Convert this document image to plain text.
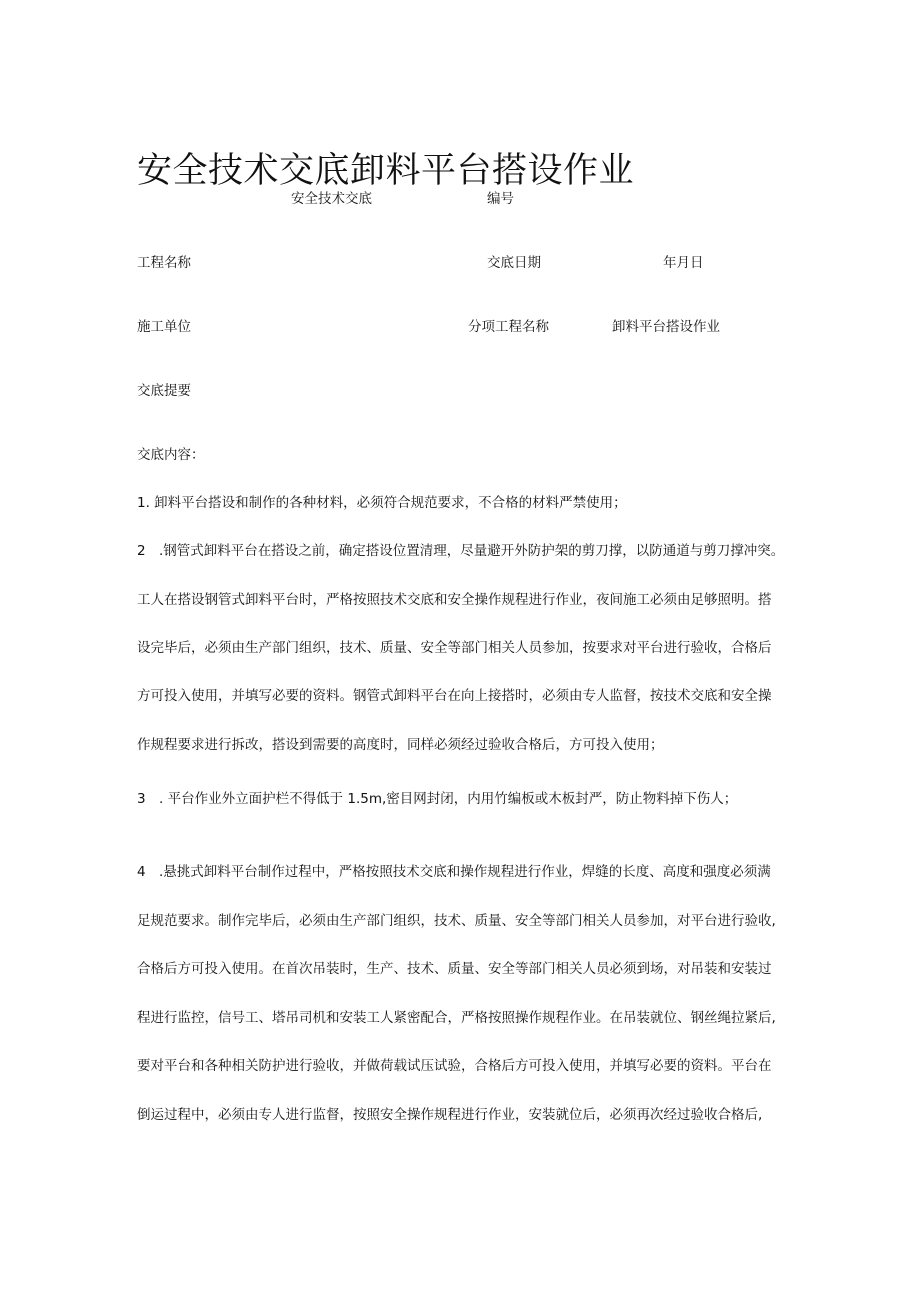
安全技术交底卸料平台搭设作业
安全技术交底	编号
工程名称	交底日期	年月日
施工单位	分项工程名称	卸料平台搭设作业
交底提要
交底内容：
1. 卸料平台搭设和制作的各种材料，必须符合规范要求，不合格的材料严禁使用；
2 .钢管式卸料平台在搭设之前，确定搭设位置清理，尽量避开外防护架的剪刀撑，以防通道与剪刀撑冲突。
工人在搭设钢管式卸料平台时，严格按照技术交底和安全操作规程进行作业，夜间施工必须由足够照明。搭
设完毕后，必须由生产部门组织，技术、质量、安全等部门相关人员参加，按要求对平台进行验收，合格后
方可投入使用，并填写必要的资料。钢管式卸料平台在向上接搭时，必须由专人监督，按技术交底和安全操
作规程要求进行拆改，搭设到需要的高度时，同样必须经过验收合格后，方可投入使用；
3 . 平台作业外立面护栏不得低于 1.5m,密目网封闭，内用竹编板或木板封严，防止物料掉下伤人；
4 .悬挑式卸料平台制作过程中，严格按照技术交底和操作规程进行作业，焊缝的长度、高度和强度必须满
足规范要求。制作完毕后，必须由生产部门组织，技术、质量、安全等部门相关人员参加，对平台进行验收,
合格后方可投入使用。在首次吊装时，生产、技术、质量、安全等部门相关人员必须到场，对吊装和安装过
程进行监控，信号工、塔吊司机和安装工人紧密配合，严格按照操作规程作业。在吊装就位、钢丝绳拉紧后,
要对平台和各种相关防护进行验收，并做荷载试压试验，合格后方可投入使用，并填写必要的资料。平台在
倒运过程中，必须由专人进行监督，按照安全操作规程进行作业，安装就位后，必须再次经过验收合格后,
